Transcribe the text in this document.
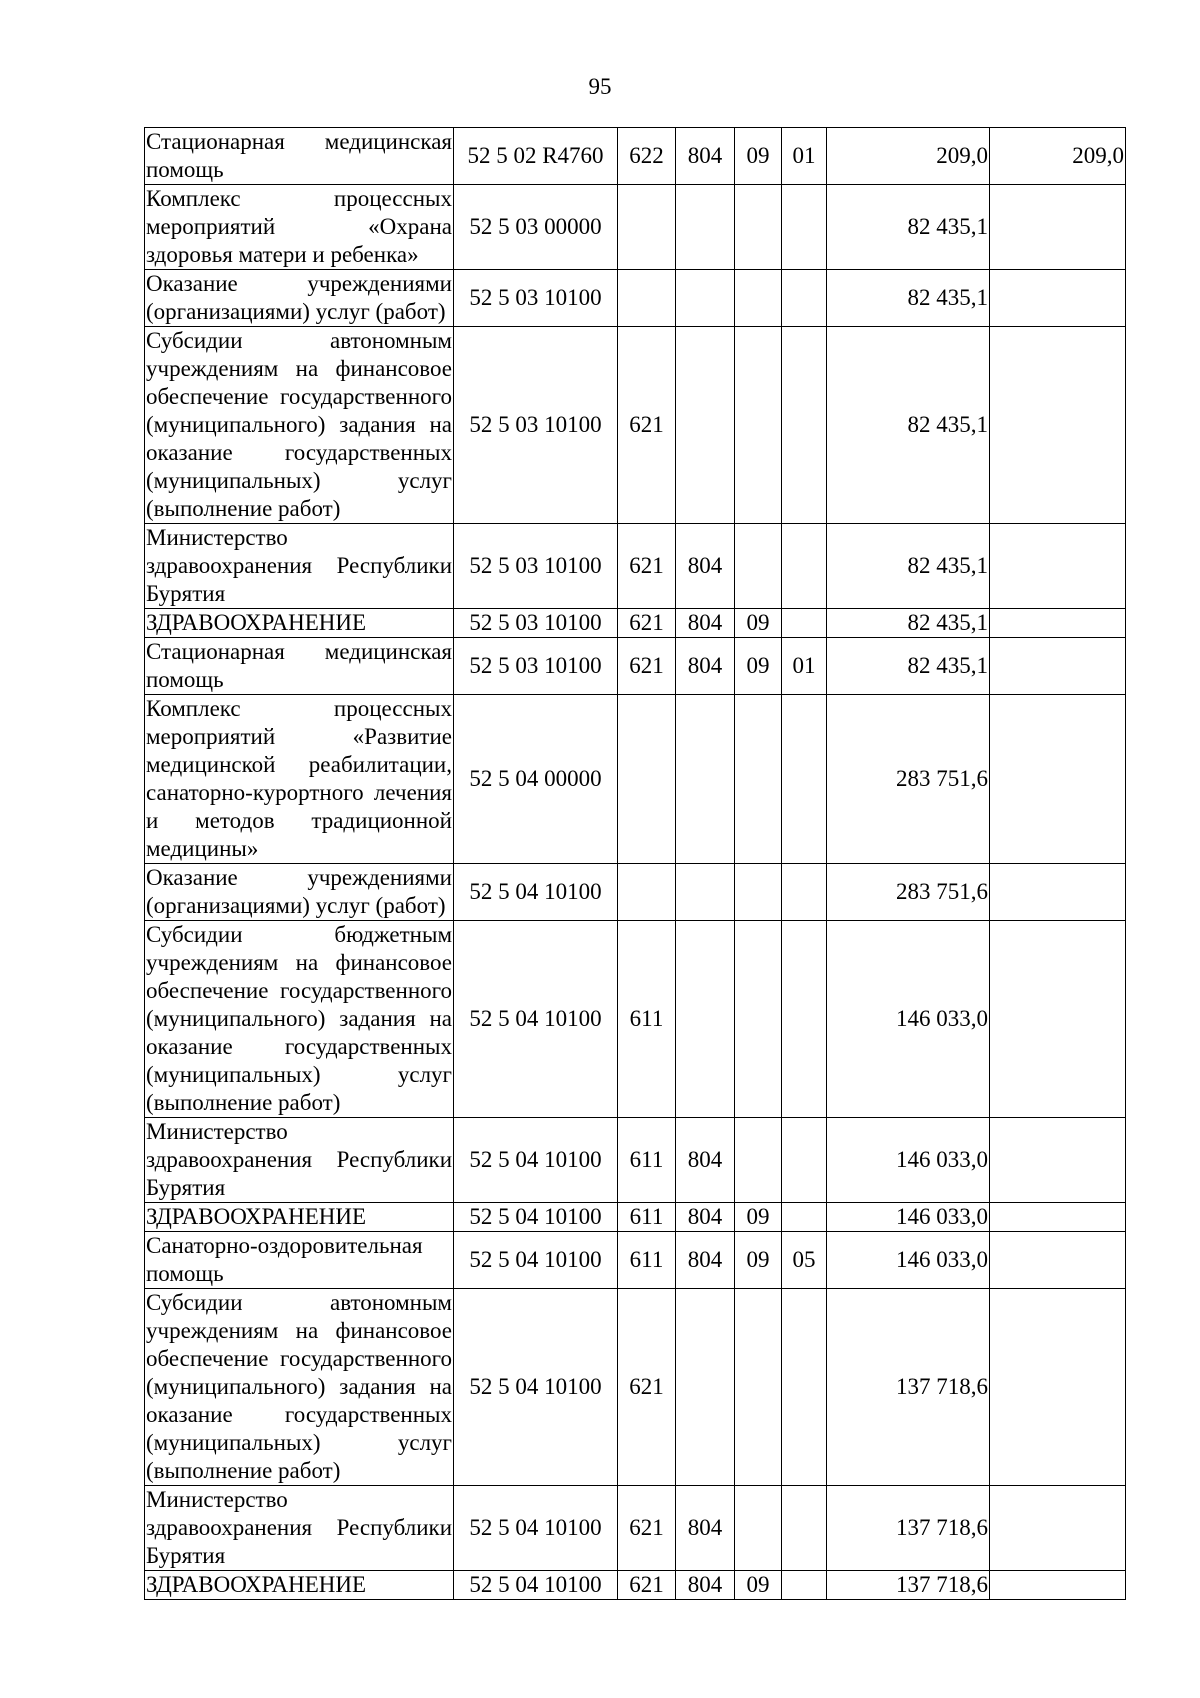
95
Стационарная медицинская помощь	52 5 02 R4760	622	804	09	01	209,0	209,0
Комплекс процессных мероприятий «Охрана здоровья матери и ребенка»	52 5 03 00000					82 435,1	
Оказание учреждениями (организациями) услуг (работ)	52 5 03 10100					82 435,1	
Субсидии автономным учреждениям на финансовое обеспечение государственного (муниципального) задания на оказание государственных (муниципальных) услуг (выполнение работ)	52 5 03 10100	621				82 435,1	
Министерство здравоохранения Республики Бурятия	52 5 03 10100	621	804			82 435,1	
ЗДРАВООХРАНЕНИЕ	52 5 03 10100	621	804	09		82 435,1	
Стационарная медицинская помощь	52 5 03 10100	621	804	09	01	82 435,1	
Комплекс процессных мероприятий «Развитие медицинской реабилитации, санаторно-курортного лечения и методов традиционной медицины»	52 5 04 00000					283 751,6	
Оказание учреждениями (организациями) услуг (работ)	52 5 04 10100					283 751,6	
Субсидии бюджетным учреждениям на финансовое обеспечение государственного (муниципального) задания на оказание государственных (муниципальных) услуг (выполнение работ)	52 5 04 10100	611				146 033,0	
Министерство здравоохранения Республики Бурятия	52 5 04 10100	611	804			146 033,0	
ЗДРАВООХРАНЕНИЕ	52 5 04 10100	611	804	09		146 033,0	
Санаторно-оздоровительная помощь	52 5 04 10100	611	804	09	05	146 033,0	
Субсидии автономным учреждениям на финансовое обеспечение государственного (муниципального) задания на оказание государственных (муниципальных) услуг (выполнение работ)	52 5 04 10100	621				137 718,6	
Министерство здравоохранения Республики Бурятия	52 5 04 10100	621	804			137 718,6	
ЗДРАВООХРАНЕНИЕ	52 5 04 10100	621	804	09		137 718,6	
